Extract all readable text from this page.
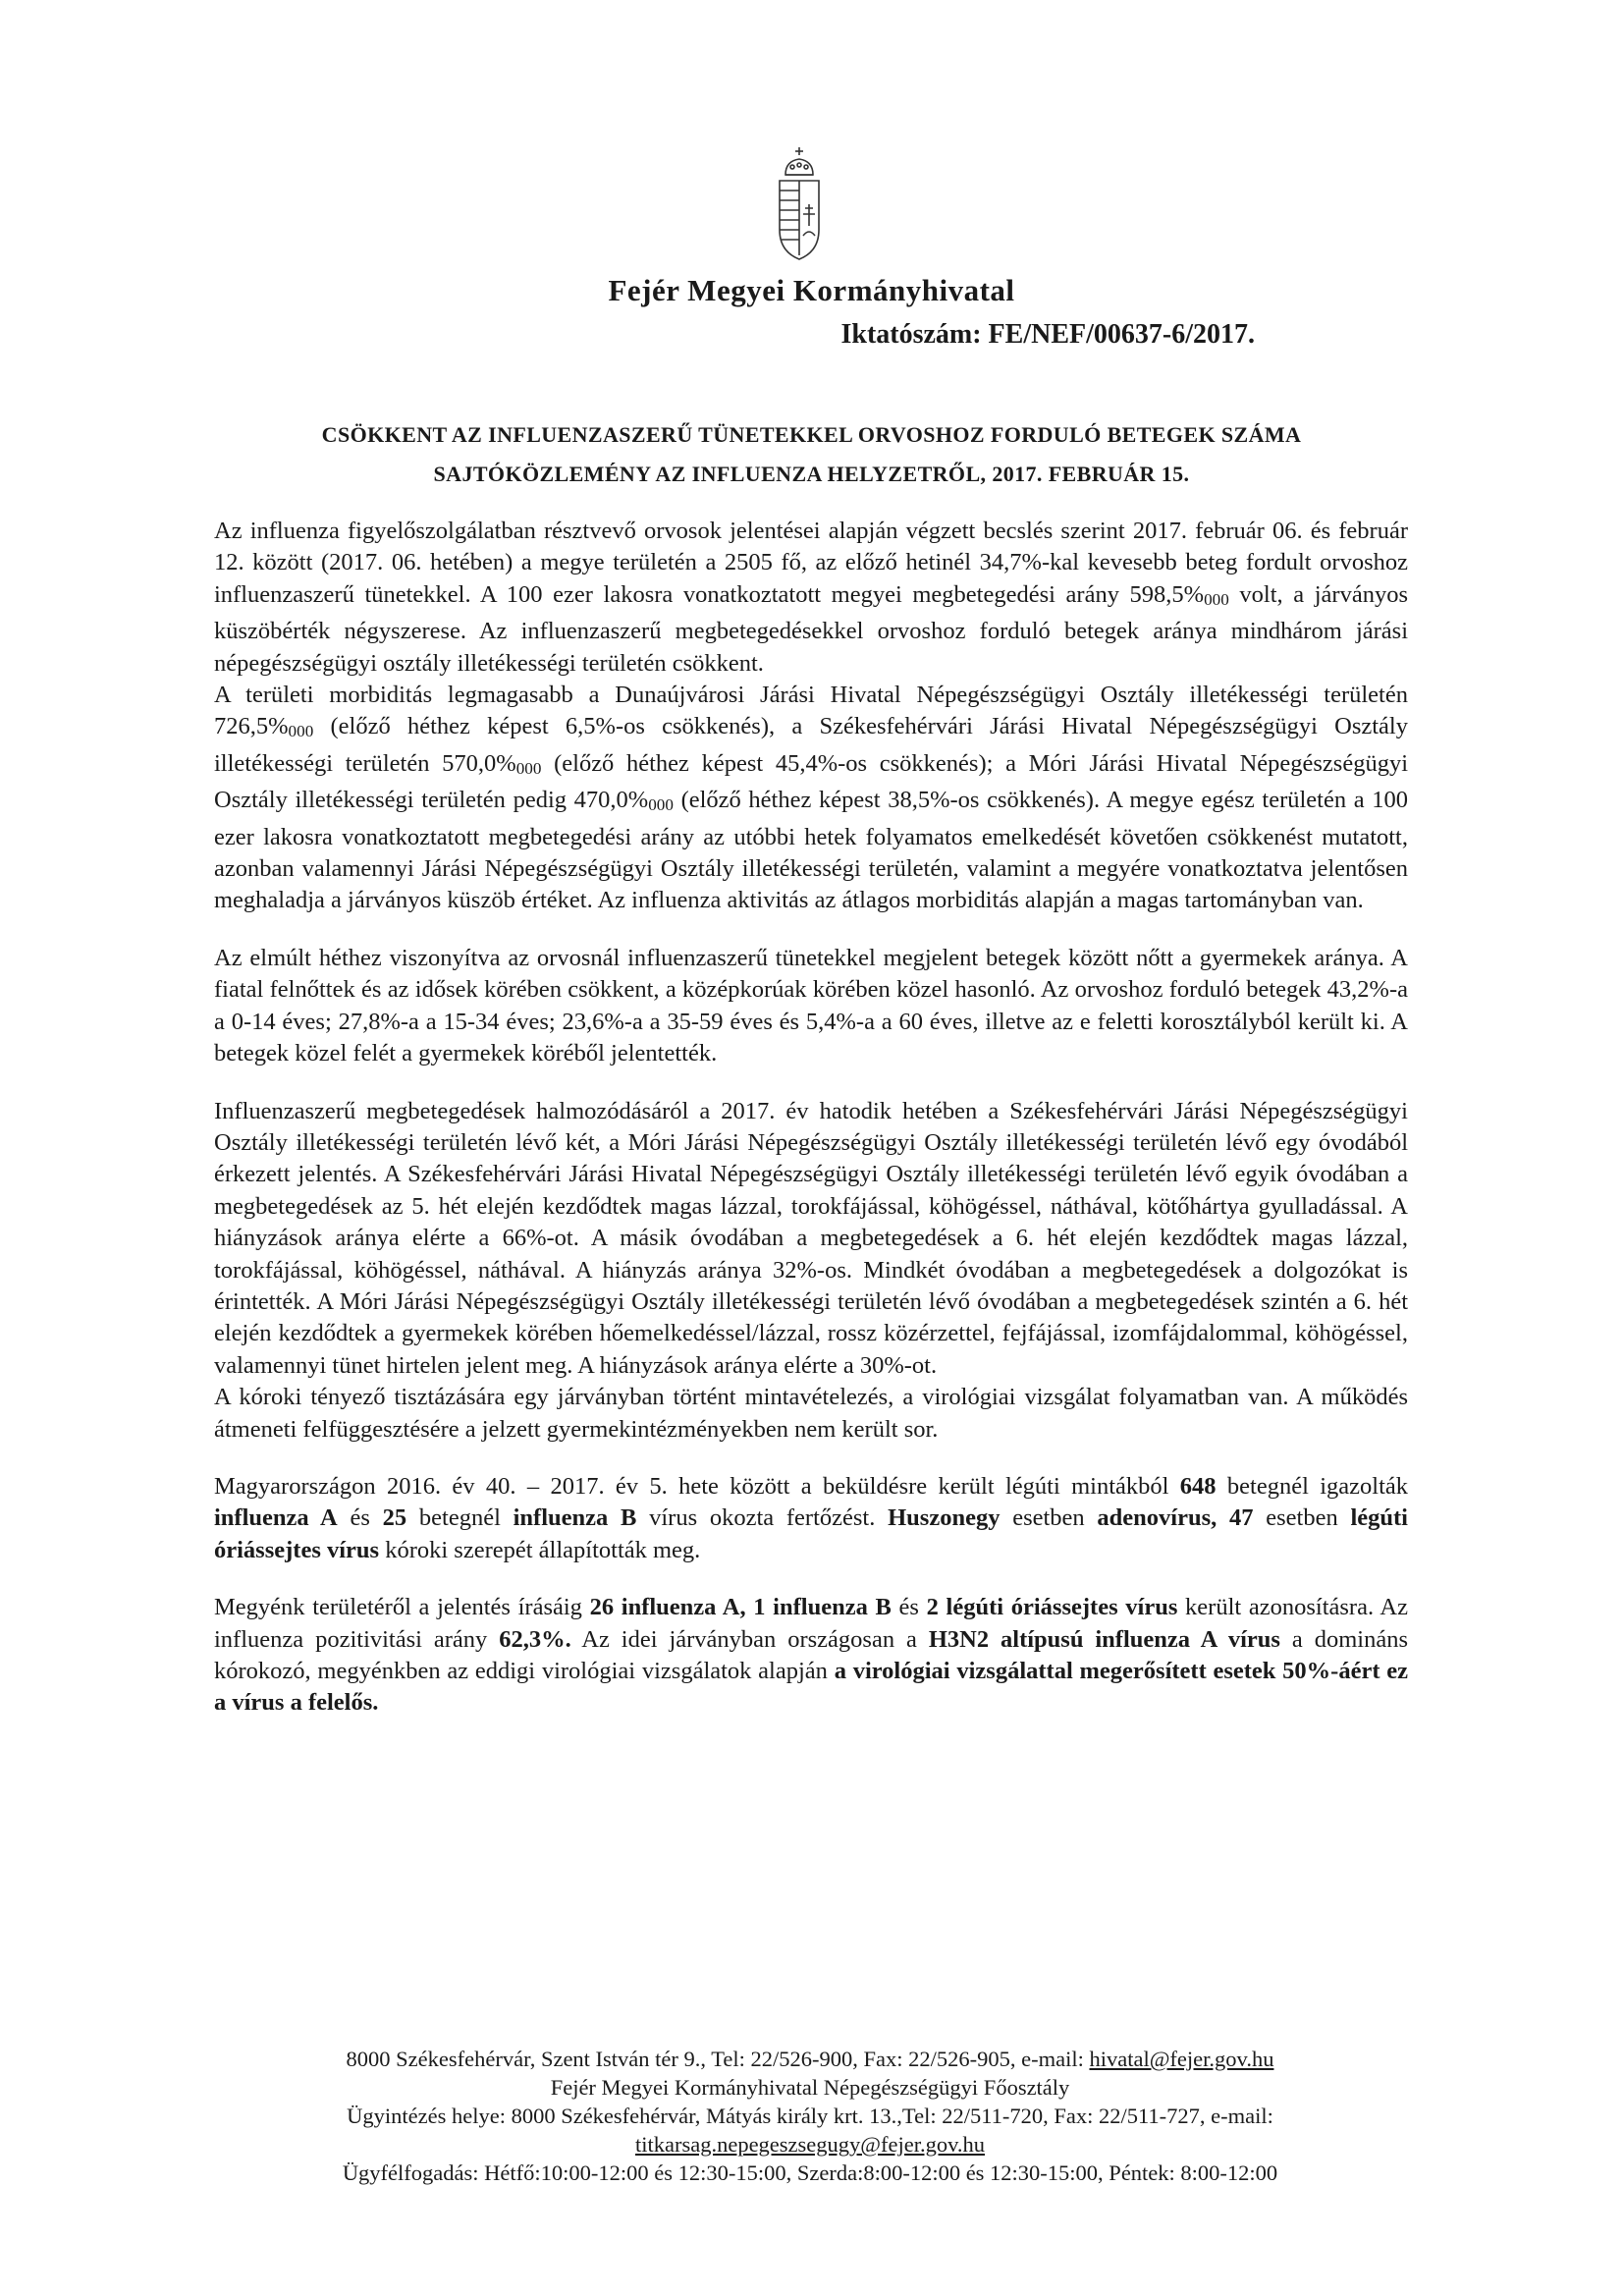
Fejér Megyei Kormányhivatal
Iktatószám: FE/NEF/00637-6/2017.
CSÖKKENT AZ INFLUENZASZERŰ TÜNETEKKEL ORVOSHOZ FORDULÓ BETEGEK SZÁMA
SAJTÓKÖZLEMÉNY AZ INFLUENZA HELYZETRŐL, 2017. FEBRUÁR 15.

Az influenza figyelőszolgálatban résztvevő orvosok jelentései alapján végzett becslés szerint 2017. február 06. és február 12. között (2017. 06. hetében) a megye területén a 2505 fő, az előző hetinél 34,7%-kal kevesebb beteg fordult orvoshoz influenzaszerű tünetekkel. A 100 ezer lakosra vonatkoztatott megyei megbetegedési arány 598,5%000 volt, a járványos küszöbérték négyszerese. Az influenzaszerű megbetegedésekkel orvoshoz forduló betegek aránya mindhárom járási népegészségügyi osztály illetékességi területén csökkent.

A területi morbiditás legmagasabb a Dunaújvárosi Járási Hivatal Népegészségügyi Osztály illetékességi területén 726,5%000 (előző héthez képest 6,5%-os csökkenés), a Székesfehérvári Járási Hivatal Népegészségügyi Osztály illetékességi területén 570,0%000 (előző héthez képest 45,4%-os csökkenés); a Móri Járási Hivatal Népegészségügyi Osztály illetékességi területén pedig 470,0%000 (előző héthez képest 38,5%-os csökkenés). A megye egész területén a 100 ezer lakosra vonatkoztatott megbetegedési arány az utóbbi hetek folyamatos emelkedését követően csökkenést mutatott, azonban valamennyi Járási Népegészségügyi Osztály illetékességi területén, valamint a megyére vonatkoztatva jelentősen meghaladja a járványos küszöb értéket. Az influenza aktivitás az átlagos morbiditás alapján a magas tartományban van.

Az elmúlt héthez viszonyítva az orvosnál influenzaszerű tünetekkel megjelent betegek között nőtt a gyermekek aránya. A fiatal felnőttek és az idősek körében csökkent, a középkorúak körében közel hasonló. Az orvoshoz forduló betegek 43,2%-a a 0-14 éves; 27,8%-a a 15-34 éves; 23,6%-a a 35-59 éves és 5,4%-a a 60 éves, illetve az e feletti korosztályból került ki. A betegek közel felét a gyermekek köréből jelentették.

Influenzaszerű megbetegedések halmozódásáról a 2017. év hatodik hetében a Székesfehérvári Járási Népegészségügyi Osztály illetékességi területén lévő két, a Móri Járási Népegészségügyi Osztály illetékességi területén lévő egy óvodából érkezett jelentés. A Székesfehérvári Járási Hivatal Népegészségügyi Osztály illetékességi területén lévő egyik óvodában a megbetegedések az 5. hét elején kezdődtek magas lázzal, torokfájással, köhögéssel, náthával, kötőhártya gyulladással. A hiányzások aránya elérte a 66%-ot. A másik óvodában a megbetegedések a 6. hét elején kezdődtek magas lázzal, torokfájással, köhögéssel, náthával. A hiányzás aránya 32%-os. Mindkét óvodában a megbetegedések a dolgozókat is érintették. A Móri Járási Népegészségügyi Osztály illetékességi területén lévő óvodában a megbetegedések szintén a 6. hét elején kezdődtek a gyermekek körében hőemelkedéssel/lázzal, rossz közérzettel, fejfájással, izomfájdalommal, köhögéssel, valamennyi tünet hirtelen jelent meg. A hiányzások aránya elérte a 30%-ot.

A kóroki tényező tisztázására egy járványban történt mintavételezés, a virológiai vizsgálat folyamatban van. A működés átmeneti felfüggesztésére a jelzett gyermekintézményekben nem került sor.

Magyarországon 2016. év 40. – 2017. év 5. hete között a beküldésre került légúti mintákból 648 betegnél igazolták influenza A és 25 betegnél influenza B vírus okozta fertőzést. Huszonegy esetben adenovírus, 47 esetben légúti óriássejtes vírus kóroki szerepét állapították meg.

Megyénk területéről a jelentés írásáig 26 influenza A, 1 influenza B és 2 légúti óriássejtes vírus került azonosításra. Az influenza pozitivitási arány 62,3%. Az idei járványban országosan a H3N2 altípusú influenza A vírus a domináns kórokozó, megyénkben az eddigi virológiai vizsgálatok alapján a virológiai vizsgálattal megerősített esetek 50%-áért ez a vírus a felelős.

8000 Székesfehérvár, Szent István tér 9., Tel: 22/526-900, Fax: 22/526-905, e-mail: hivatal@fejer.gov.hu
Fejér Megyei Kormányhivatal Népegészségügyi Főosztály
Ügyintézés helye: 8000 Székesfehérvár, Mátyás király krt. 13.,Tel: 22/511-720, Fax: 22/511-727, e-mail:
titkarsag.nepegeszsegugy@fejer.gov.hu
Ügyfélfogadás: Hétfő:10:00-12:00 és 12:30-15:00, Szerda:8:00-12:00 és 12:30-15:00, Péntek: 8:00-12:00
